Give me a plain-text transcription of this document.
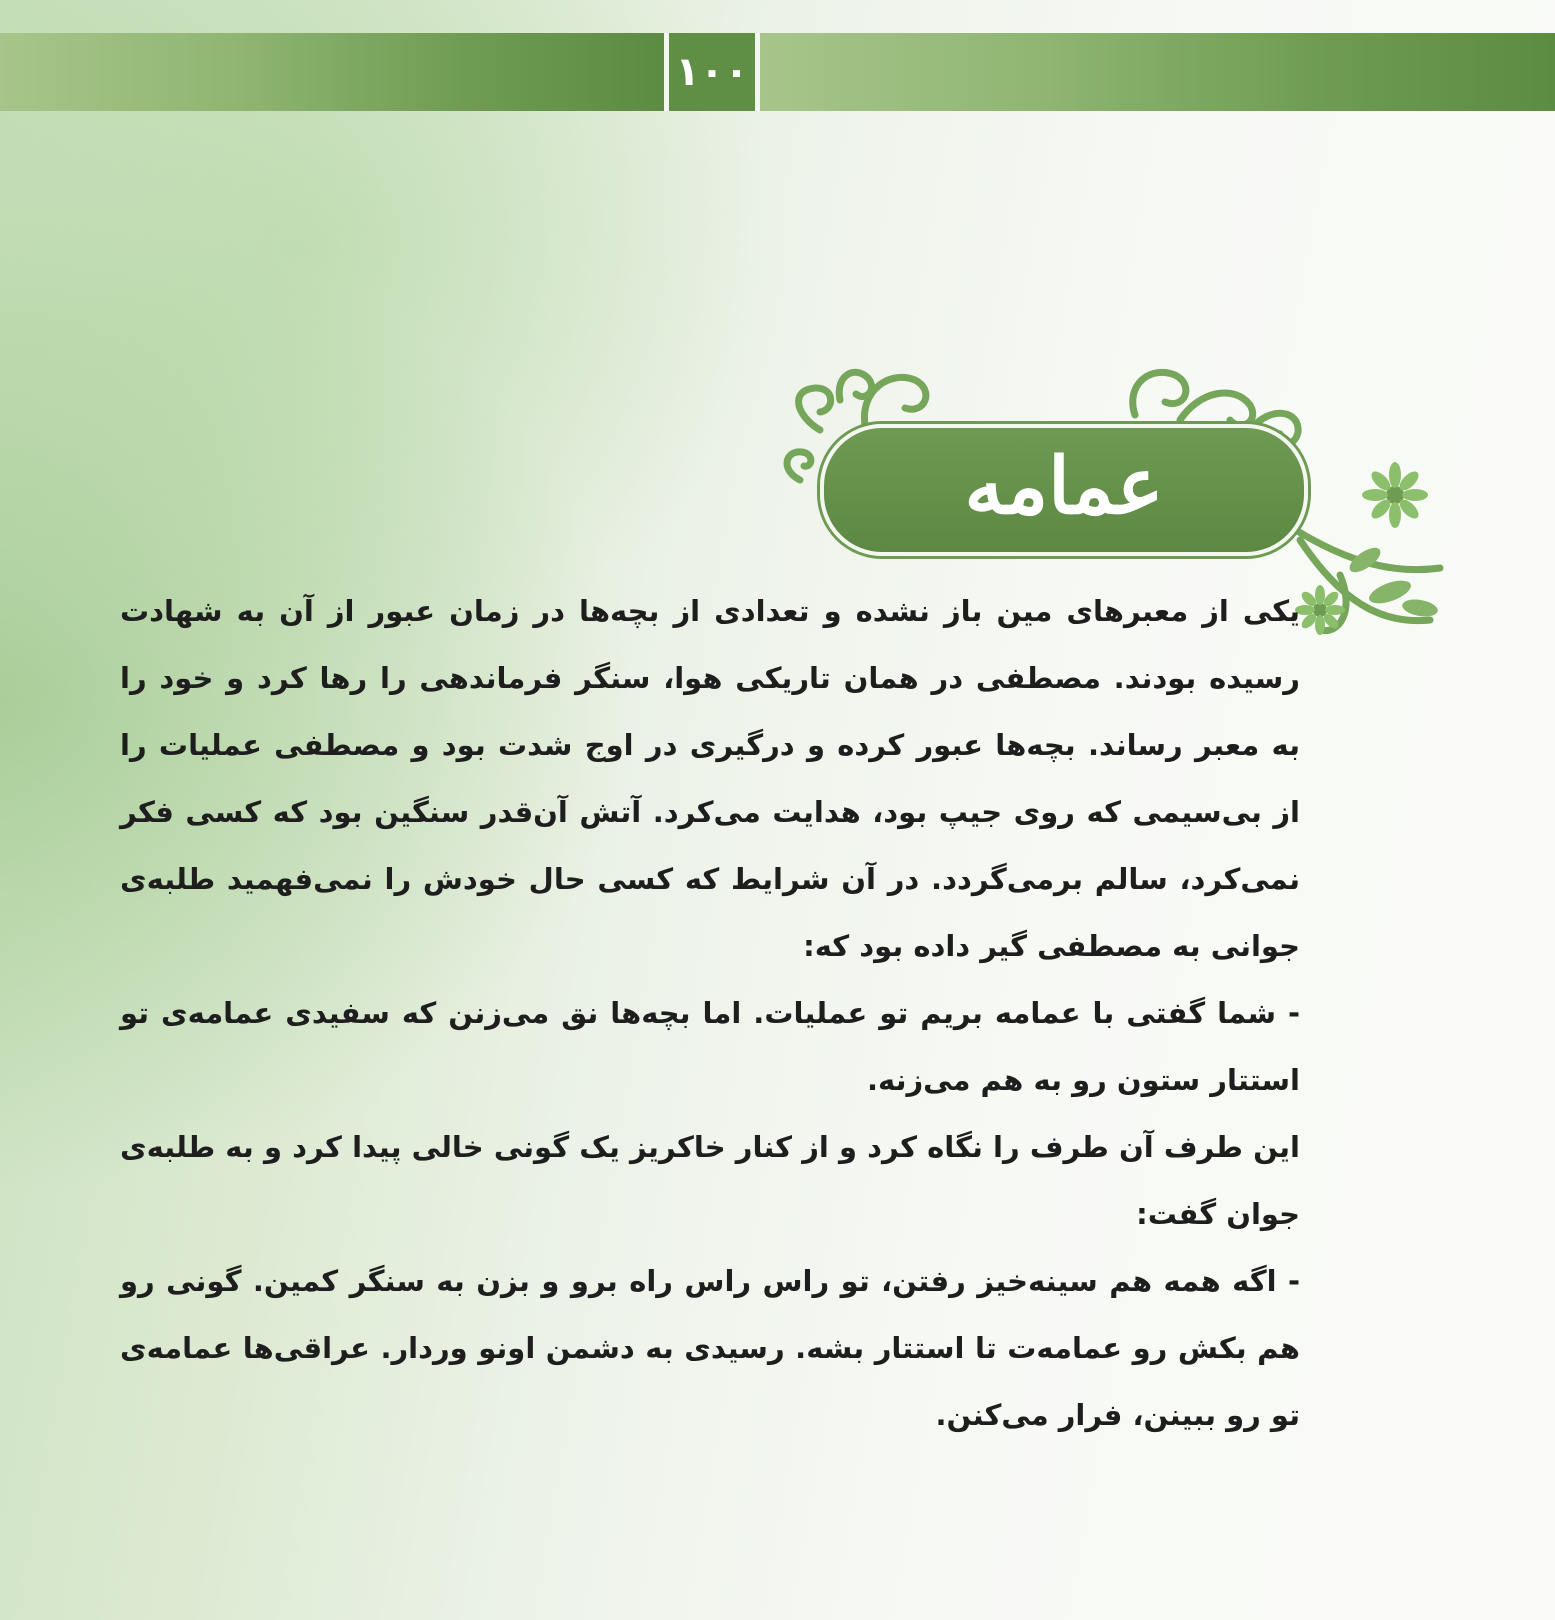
۱۰۰
عمامه

یکی از معبرهای مین باز نشده و تعدادی از بچه‌ها در زمان عبور از آن به شهادت رسیده بودند. مصطفی در همان تاریکی هوا، سنگر فرماندهی را رها کرد و خود را به معبر رساند. بچه‌ها عبور کرده و درگیری در اوج شدت بود و مصطفی عملیات را از بی‌سیمی که روی جیپ بود، هدایت می‌کرد. آتش آن‌قدر سنگین بود که کسی فکر نمی‌کرد، سالم برمی‌گردد. در آن شرایط که کسی حال خودش را نمی‌فهمید طلبه‌ی جوانی به مصطفی گیر داده بود که:

- شما گفتی با عمامه بریم تو عملیات. اما بچه‌ها نق می‌زنن که سفیدی عمامه‌ی تو استتار ستون رو به هم می‌زنه.

این طرف آن طرف را نگاه کرد و از کنار خاکریز یک گونی خالی پیدا کرد و به طلبه‌ی جوان گفت:

- اگه همه هم سینه‌خیز رفتن، تو راس راس راه برو و بزن به سنگر کمین. گونی رو هم بکش رو عمامه‌ت تا استتار بشه. رسیدی به دشمن اونو وردار. عراقی‌ها عمامه‌ی تو رو ببینن، فرار می‌کنن.
